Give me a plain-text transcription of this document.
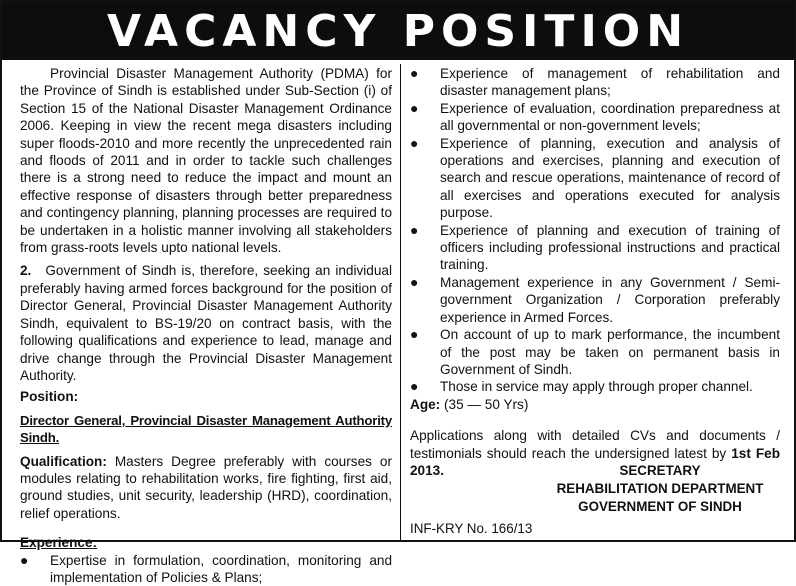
VACANCY POSITION

Provincial Disaster Management Authority (PDMA) for the Province of Sindh is established under Sub-Section (i) of Section 15 of the National Disaster Management Ordinance 2006. Keeping in view the recent mega disasters including super floods-2010 and more recently the unprecedented rain and floods of 2011 and in order to tackle such challenges there is a strong need to reduce the impact and mount an effective response of disasters through better preparedness and contingency planning, planning processes are required to be undertaken in a holistic manner involving all stakeholders from grass-roots levels upto national levels.

2. Government of Sindh is, therefore, seeking an individual preferably having armed forces background for the position of Director General, Provincial Disaster Management Authority Sindh, equivalent to BS-19/20 on contract basis, with the following qualifications and experience to lead, manage and drive change through the Provincial Disaster Management Authority.

Position:

Director General, Provincial Disaster Management Authority Sindh.

Qualification: Masters Degree preferably with courses or modules relating to rehabilitation works, fire fighting, first aid, ground studies, unit security, leadership (HRD), coordination, relief operations.

Experience:

●	Expertise in formulation, coordination, monitoring and implementation of Policies & Plans;
●	Experience of management of rehabilitation and disaster management plans;
●	Experience of evaluation, coordination preparedness at all governmental or non-government levels;
●	Experience of planning, execution and analysis of operations and exercises, planning and execution of search and rescue operations, maintenance of record of all exercises and operations executed for analysis purpose.
●	Experience of planning and execution of training of officers including professional instructions and practical training.
●	Management experience in any Government / Semi-government Organization / Corporation preferably experience in Armed Forces.
●	On account of up to mark performance, the incumbent of the post may be taken on permanent basis in Government of Sindh.
●	Those in service may apply through proper channel.

Age: (35 — 50 Yrs)

Applications along with detailed CVs and documents / testimonials should reach the undersigned latest by 1st Feb 2013.	SECRETARY
REHABILITATION DEPARTMENT
GOVERNMENT OF SINDH
INF-KRY No. 166/13
